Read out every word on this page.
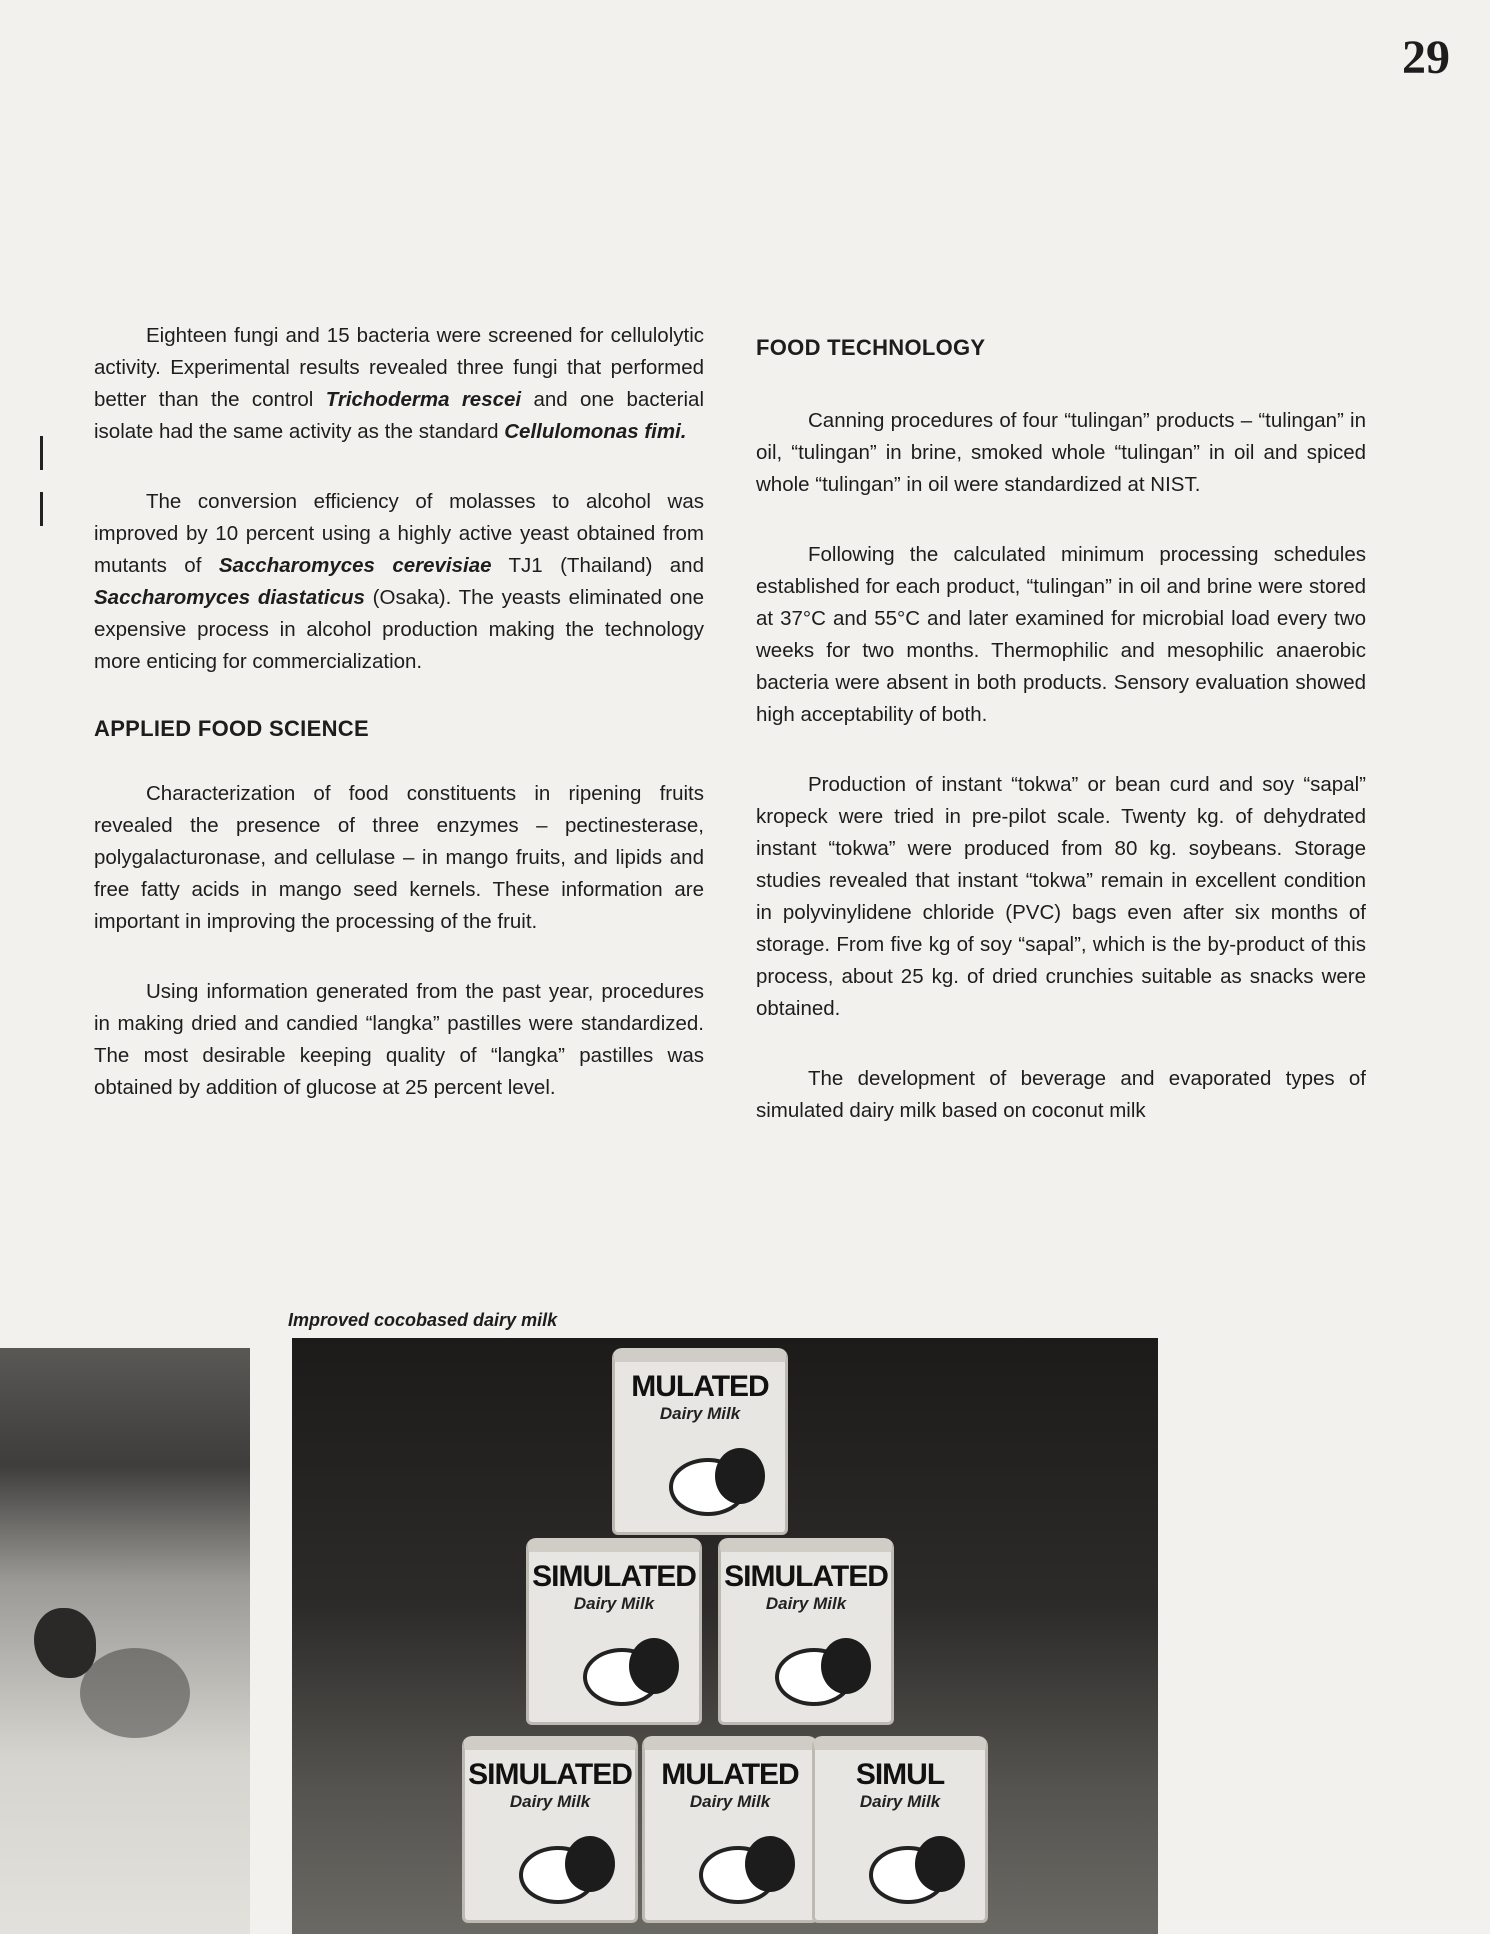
29

Eighteen fungi and 15 bacteria were screened for cellulolytic activity. Experimental results revealed three fungi that performed better than the control Trichoderma rescei and one bacterial isolate had the same activity as the standard Cellulomonas fimi.

The conversion efficiency of molasses to alcohol was improved by 10 percent using a highly active yeast obtained from mutants of Saccharomyces cerevisiae TJ1 (Thailand) and Saccharomyces diastaticus (Osaka). The yeasts eliminated one expensive process in alcohol production making the technology more enticing for commercialization.

APPLIED FOOD SCIENCE

Characterization of food constituents in ripening fruits revealed the presence of three enzymes – pectinesterase, polygalacturonase, and cellulase – in mango fruits, and lipids and free fatty acids in mango seed kernels. These information are important in improving the processing of the fruit.

Using information generated from the past year, procedures in making dried and candied “langka” pastilles were standardized. The most desirable keeping quality of “langka” pastilles was obtained by addition of glucose at 25 percent level.

FOOD TECHNOLOGY

Canning procedures of four “tulingan” products – “tulingan” in oil, “tulingan” in brine, smoked whole “tulingan” in oil and spiced whole “tulingan” in oil were standardized at NIST.

Following the calculated minimum processing schedules established for each product, “tulingan” in oil and brine were stored at 37°C and 55°C and later examined for microbial load every two weeks for two months. Thermophilic and mesophilic anaerobic bacteria were absent in both products. Sensory evaluation showed high acceptability of both.

Production of instant “tokwa” or bean curd and soy “sapal” kropeck were tried in pre-pilot scale. Twenty kg. of dehydrated instant “tokwa” were produced from 80 kg. soybeans. Storage studies revealed that instant “tokwa” remain in excellent condition in polyvinylidene chloride (PVC) bags even after six months of storage. From five kg of soy “sapal”, which is the by-product of this process, about 25 kg. of dried crunchies suitable as snacks were obtained.

The development of beverage and evaporated types of simulated dairy milk based on coconut milk

Improved cocobased dairy milk
MULATED
Dairy Milk
SIMULATED
Dairy Milk
SIMULATED
Dairy Milk
SIMULATED
Dairy Milk
MULATED
Dairy Milk
SIMUL
Dairy Milk
